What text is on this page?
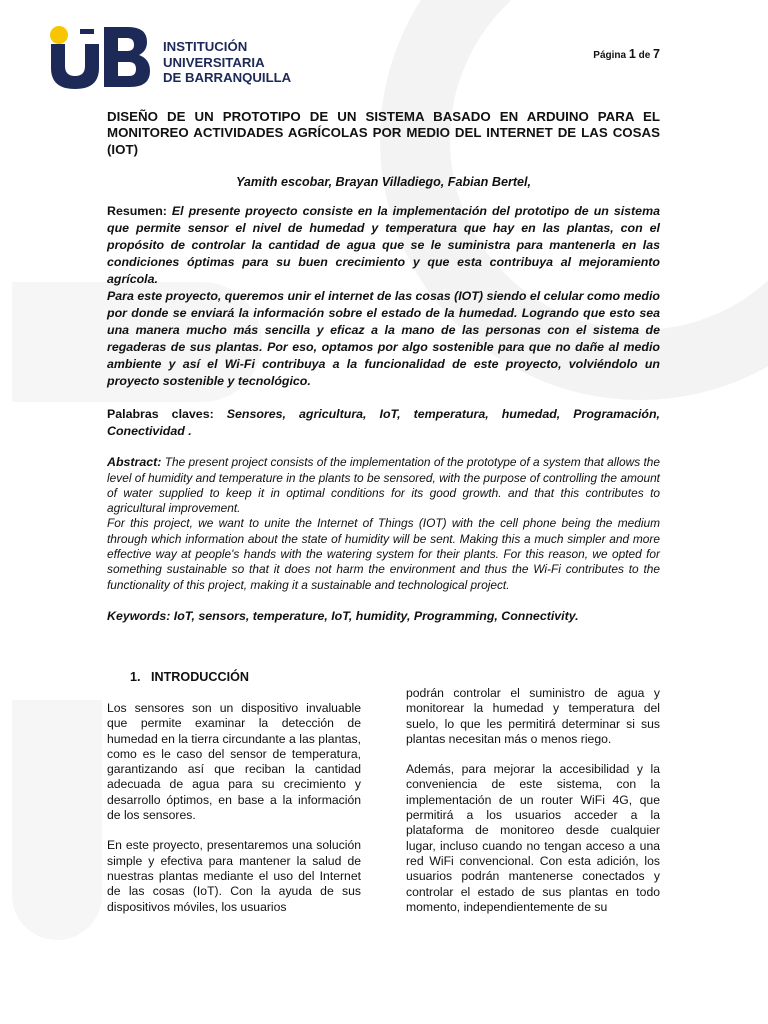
INSTITUCIÓN
UNIVERSITARIA
DE BARRANQUILLA
Página 1 de 7
DISEÑO DE UN PROTOTIPO DE UN SISTEMA BASADO EN ARDUINO PARA EL MONITOREO ACTIVIDADES AGRÍCOLAS POR MEDIO DEL INTERNET DE LAS COSAS (IOT)

Yamith escobar, Brayan Villadiego, Fabian Bertel,

Resumen: El presente proyecto consiste en la implementación del prototipo de un sistema que permite sensor el nivel de humedad y temperatura que hay en las plantas, con el propósito de controlar la cantidad de agua que se le suministra para mantenerla en las condiciones óptimas para su buen crecimiento y que esta contribuya al mejoramiento agrícola.

Para este proyecto, queremos unir el internet de las cosas (IOT) siendo el celular como medio por donde se enviará la información sobre el estado de la humedad. Logrando que esto sea una manera mucho más sencilla y eficaz a la mano de las personas con el sistema de regaderas de sus plantas. Por eso, optamos por algo sostenible para que no dañe al medio ambiente y así el Wi-Fi contribuya a la funcionalidad de este proyecto, volviéndolo un proyecto sostenible y tecnológico.

Palabras claves: Sensores, agricultura, IoT, temperatura, humedad, Programación, Conectividad .

Abstract: The present project consists of the implementation of the prototype of a system that allows the level of humidity and temperature in the plants to be sensored, with the purpose of controlling the amount of water supplied to keep it in optimal conditions for its good growth. and that this contributes to agricultural improvement.

For this project, we want to unite the Internet of Things (IOT) with the cell phone being the medium through which information about the state of humidity will be sent. Making this a much simpler and more effective way at people's hands with the watering system for their plants. For this reason, we opted for something sustainable so that it does not harm the environment and thus the Wi-Fi contributes to the functionality of this project, making it a sustainable and technological project.

Keywords: IoT, sensors, temperature, IoT, humidity, Programming, Connectivity.

1. INTRODUCCIÓN

Los sensores son un dispositivo invaluable que permite examinar la detección de humedad en la tierra circundante a las plantas, como es le caso del sensor de temperatura, garantizando así que reciban la cantidad adecuada de agua para su crecimiento y desarrollo óptimos, en base a la información de los sensores.

En este proyecto, presentaremos una solución simple y efectiva para mantener la salud de nuestras plantas mediante el uso del Internet de las cosas (IoT). Con la ayuda de sus dispositivos móviles, los usuarios

podrán controlar el suministro de agua y monitorear la humedad y temperatura del suelo, lo que les permitirá determinar si sus plantas necesitan más o menos riego.

Además, para mejorar la accesibilidad y la conveniencia de este sistema, con la implementación de un router WiFi 4G, que permitirá a los usuarios acceder a la plataforma de monitoreo desde cualquier lugar, incluso cuando no tengan acceso a una red WiFi convencional. Con esta adición, los usuarios podrán mantenerse conectados y controlar el estado de sus plantas en todo momento, independientemente de su
